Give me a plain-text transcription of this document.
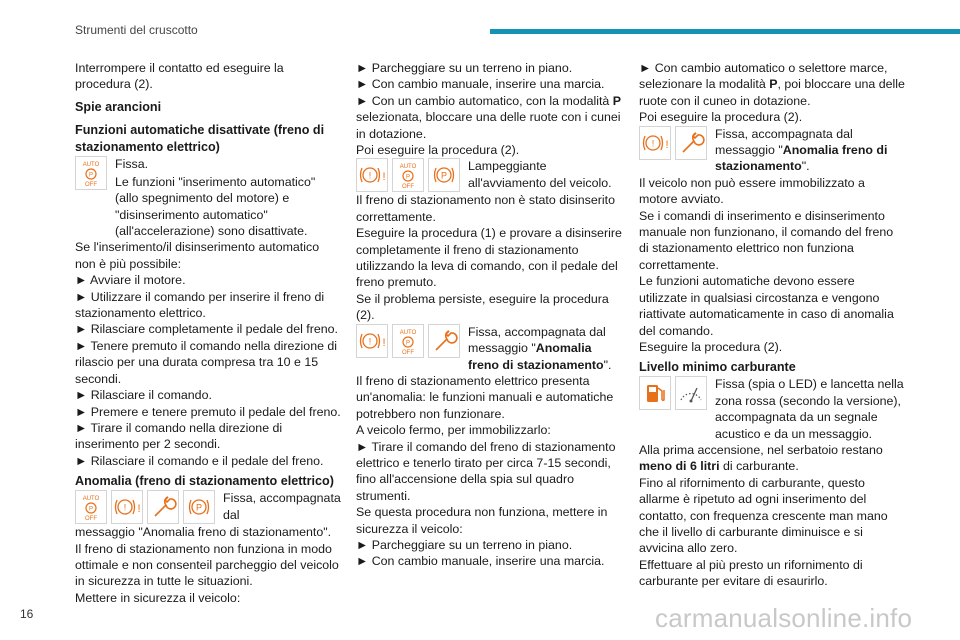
Strumenti del cruscotto

Interrompere il contatto ed eseguire la procedura (2).

Spie arancioni

Funzioni automatiche disattivate (freno di stazionamento elettrico)

AUTO
P
OFF

Fissa.

Le funzioni "inserimento automatico" (allo spegnimento del motore) e "disinserimento automatico" (all'accelerazione) sono disattivate.

Se l'inserimento/il disinserimento automatico non è più possibile:

► Avviare il motore.

► Utilizzare il comando per inserire il freno di stazionamento elettrico.

► Rilasciare completamente il pedale del freno.

► Tenere premuto il comando nella direzione di rilascio per una durata compresa tra 10 e 15 secondi.

► Rilasciare il comando.

► Premere e tenere premuto il pedale del freno.

► Tirare il comando nella direzione di inserimento per 2 secondi.

► Rilasciare il comando e il pedale del freno.

Anomalia (freno di stazionamento elettrico)

AUTO
P
OFF
! !	P

Fissa, accompagnata dal

messaggio "Anomalia freno di stazionamento".

Il freno di stazionamento non funziona in modo ottimale e non consenteil parcheggio del veicolo in sicurezza in tutte le situazioni.

Mettere in sicurezza il veicolo:

► Parcheggiare su un terreno in piano.

► Con cambio manuale, inserire una marcia.

► Con un cambio automatico, con la modalità P selezionata, bloccare una delle ruote con i cunei in dotazione.

Poi eseguire la procedura (2).

! !
AUTO
P
OFF
P

Lampeggiante all'avviamento del veicolo.

Il freno di stazionamento non è stato disinserito correttamente.

Eseguire la procedura (1) e provare a disinserire completamente il freno di stazionamento utilizzando la leva di comando, con il pedale del freno premuto.

Se il problema persiste, eseguire la procedura (2).

! !
AUTO
P
OFF

Fissa, accompagnata dal messaggio "Anomalia freno di stazionamento".

Il freno di stazionamento elettrico presenta un'anomalia: le funzioni manuali e automatiche potrebbero non funzionare.

A veicolo fermo, per immobilizzarlo:

► Tirare il comando del freno di stazionamento elettrico e tenerlo tirato per circa 7-15 secondi, fino all'accensione della spia sul quadro strumenti.

Se questa procedura non funziona, mettere in sicurezza il veicolo:

► Parcheggiare su un terreno in piano.

► Con cambio manuale, inserire una marcia.

► Con cambio automatico o selettore marce, selezionare la modalità P, poi bloccare una delle ruote con il cuneo in dotazione.

Poi eseguire la procedura (2).

! !

Fissa, accompagnata dal messaggio "Anomalia freno di stazionamento".

Il veicolo non può essere immobilizzato a motore avviato.

Se i comandi di inserimento e disinserimento manuale non funzionano, il comando del freno di stazionamento elettrico non funziona correttamente.

Le funzioni automatiche devono essere utilizzate in qualsiasi circostanza e vengono riattivate automaticamente in caso di anomalia del comando.

Eseguire la procedura (2).

Livello minimo carburante

Fissa (spia o LED) e lancetta nella zona rossa (secondo la versione), accompagnata da un segnale acustico e da un messaggio.

Alla prima accensione, nel serbatoio restano meno di 6 litri di carburante.

Fino al rifornimento di carburante, questo allarme è ripetuto ad ogni inserimento del contatto, con frequenza crescente man mano che il livello di carburante diminuisce e si avvicina allo zero.

Effettuare al più presto un rifornimento di carburante per evitare di esaurirlo.

16	carmanualsonline.info
